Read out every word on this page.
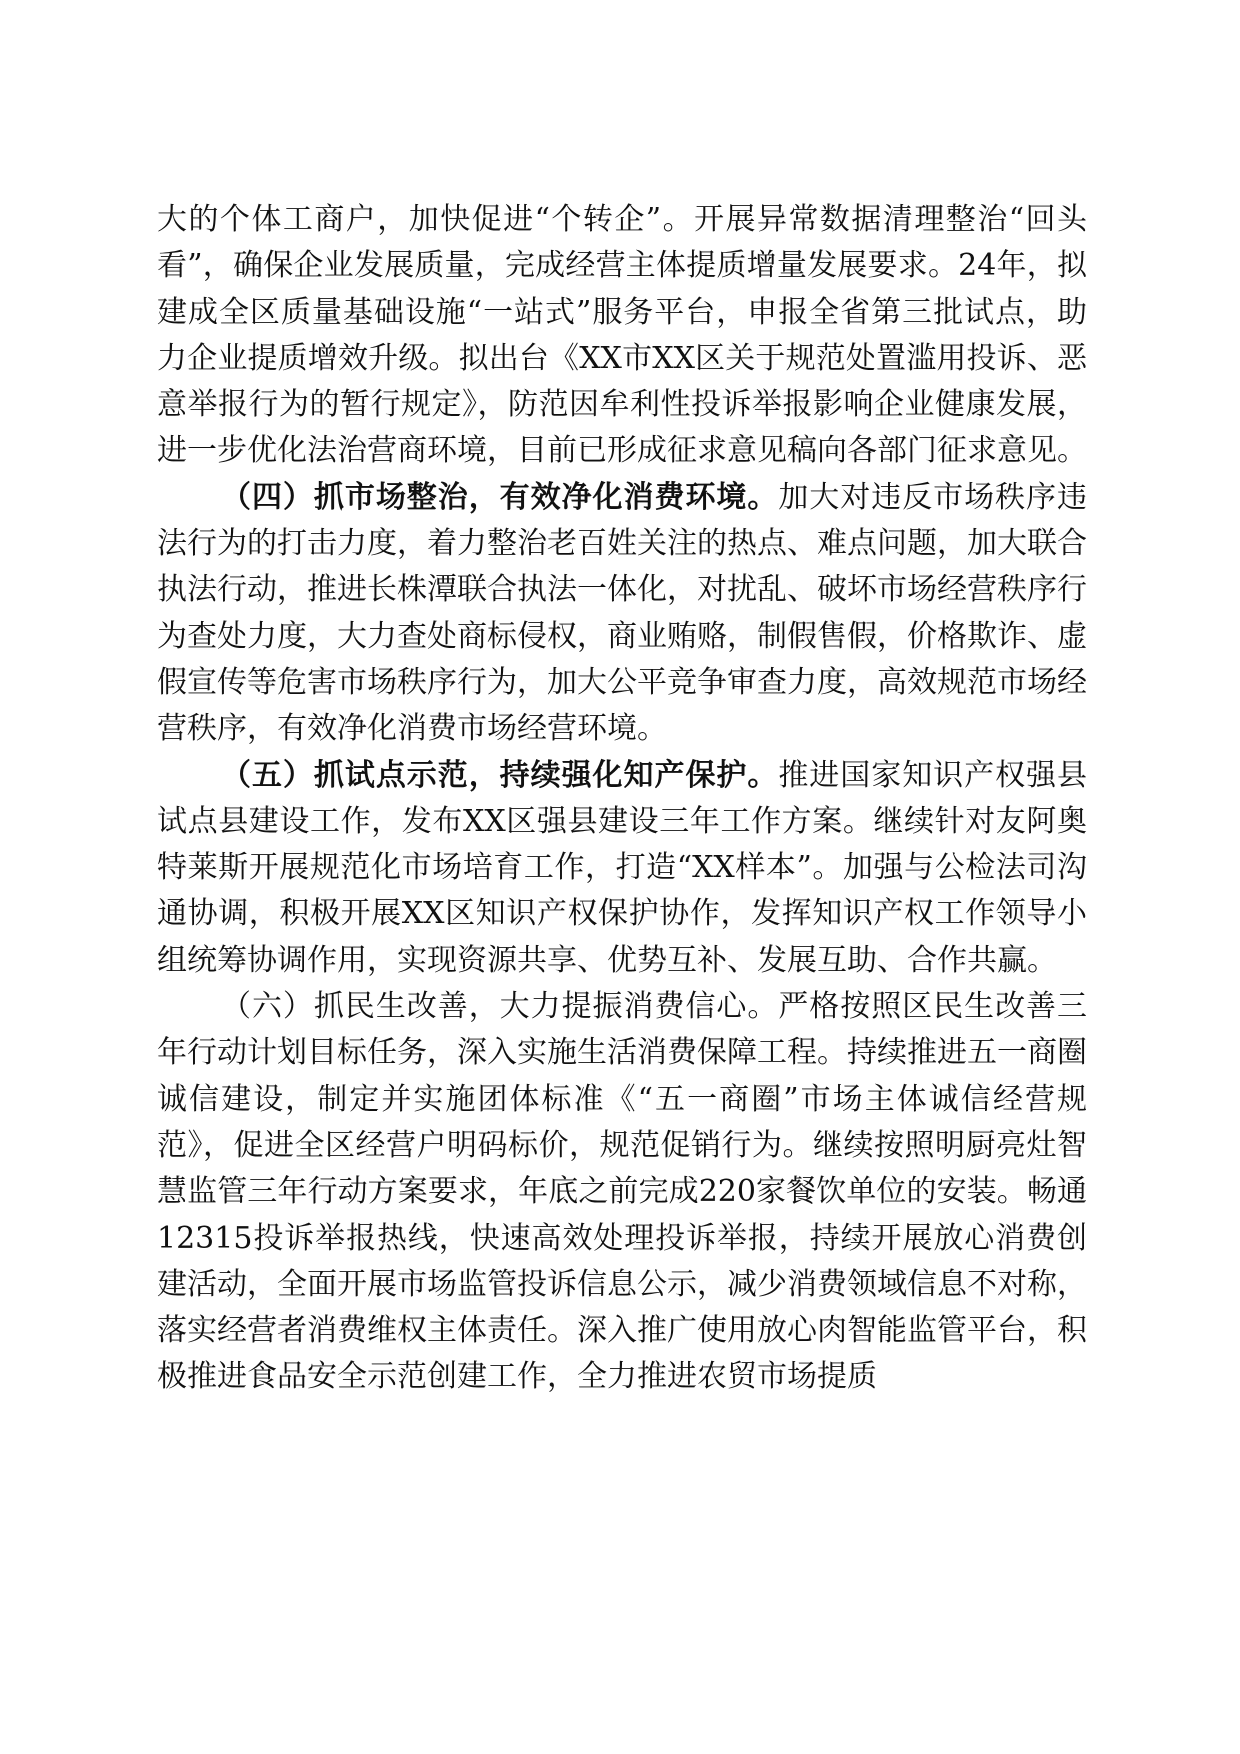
大的个体工商户，加快促进“个转企”。开展异常数据清理整治“回头看”，确保企业发展质量，完成经营主体提质增量发展要求。24年，拟建成全区质量基础设施“一站式”服务平台，申报全省第三批试点，助力企业提质增效升级。拟出台《XX市XX区关于规范处置滥用投诉、恶意举报行为的暂行规定》，防范因牟利性投诉举报影响企业健康发展，进一步优化法治营商环境，目前已形成征求意见稿向各部门征求意见。

（四）抓市场整治，有效净化消费环境。加大对违反市场秩序违法行为的打击力度，着力整治老百姓关注的热点、难点问题，加大联合执法行动，推进长株潭联合执法一体化，对扰乱、破坏市场经营秩序行为查处力度，大力查处商标侵权，商业贿赂，制假售假，价格欺诈、虚假宣传等危害市场秩序行为，加大公平竞争审查力度，高效规范市场经营秩序，有效净化消费市场经营环境。

（五）抓试点示范，持续强化知产保护。推进国家知识产权强县试点县建设工作，发布XX区强县建设三年工作方案。继续针对友阿奥特莱斯开展规范化市场培育工作，打造“XX样本”。加强与公检法司沟通协调，积极开展XX区知识产权保护协作，发挥知识产权工作领导小组统筹协调作用，实现资源共享、优势互补、发展互助、合作共赢。

（六）抓民生改善，大力提振消费信心。严格按照区民生改善三年行动计划目标任务，深入实施生活消费保障工程。持续推进五一商圈诚信建设，制定并实施团体标准《“五一商圈”市场主体诚信经营规范》，促进全区经营户明码标价，规范促销行为。继续按照明厨亮灶智慧监管三年行动方案要求，年底之前完成220家餐饮单位的安装。畅通12315投诉举报热线，快速高效处理投诉举报，持续开展放心消费创建活动，全面开展市场监管投诉信息公示，减少消费领域信息不对称，落实经营者消费维权主体责任。深入推广使用放心肉智能监管平台，积极推进食品安全示范创建工作，全力推进农贸市场提质
